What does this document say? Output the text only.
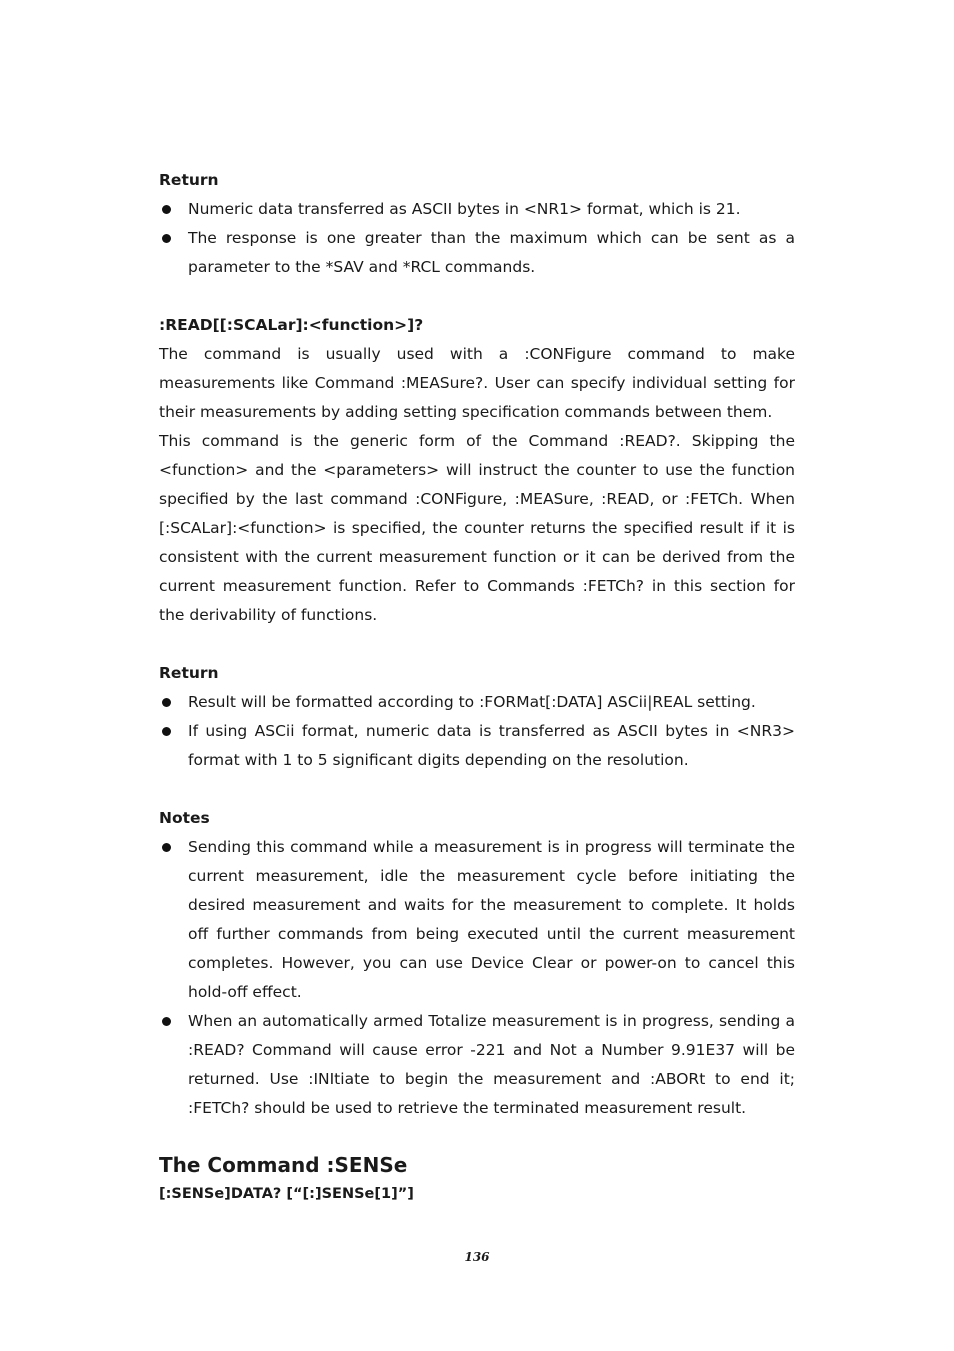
Return
Numeric data transferred as ASCII bytes in <NR1> format, which is 21.
The response is one greater than the maximum which can be sent as a parameter to the *SAV and *RCL commands.
:READ[[:SCALar]:<function>]?

The command is usually used with a :CONFigure command to make measurements like Command :MEASure?. User can specify individual setting for their measurements by adding setting specification commands between them.

This command is the generic form of the Command :READ?. Skipping the <function> and the <parameters> will instruct the counter to use the function specified by the last command :CONFigure, :MEASure, :READ, or :FETCh. When [:SCALar]:<function> is specified, the counter returns the specified result if it is consistent with the current measurement function or it can be derived from the current measurement function. Refer to Commands :FETCh? in this section for the derivability of functions.

Return
Result will be formatted according to :FORMat[:DATA] ASCii|REAL setting.
If using ASCii format, numeric data is transferred as ASCII bytes in <NR3> format with 1 to 5 significant digits depending on the resolution.
Notes
Sending this command while a measurement is in progress will terminate the current measurement, idle the measurement cycle before initiating the desired measurement and waits for the measurement to complete. It holds off further commands from being executed until the current measurement completes. However, you can use Device Clear or power-on to cancel this hold-off effect.
When an automatically armed Totalize measurement is in progress, sending a :READ? Command will cause error -221 and Not a Number 9.91E37 will be returned. Use :INItiate to begin the measurement and :ABORt to end it; :FETCh? should be used to retrieve the terminated measurement result.
The Command :SENSe
[:SENSe]DATA? [“[:]SENSe[1]”]
136
